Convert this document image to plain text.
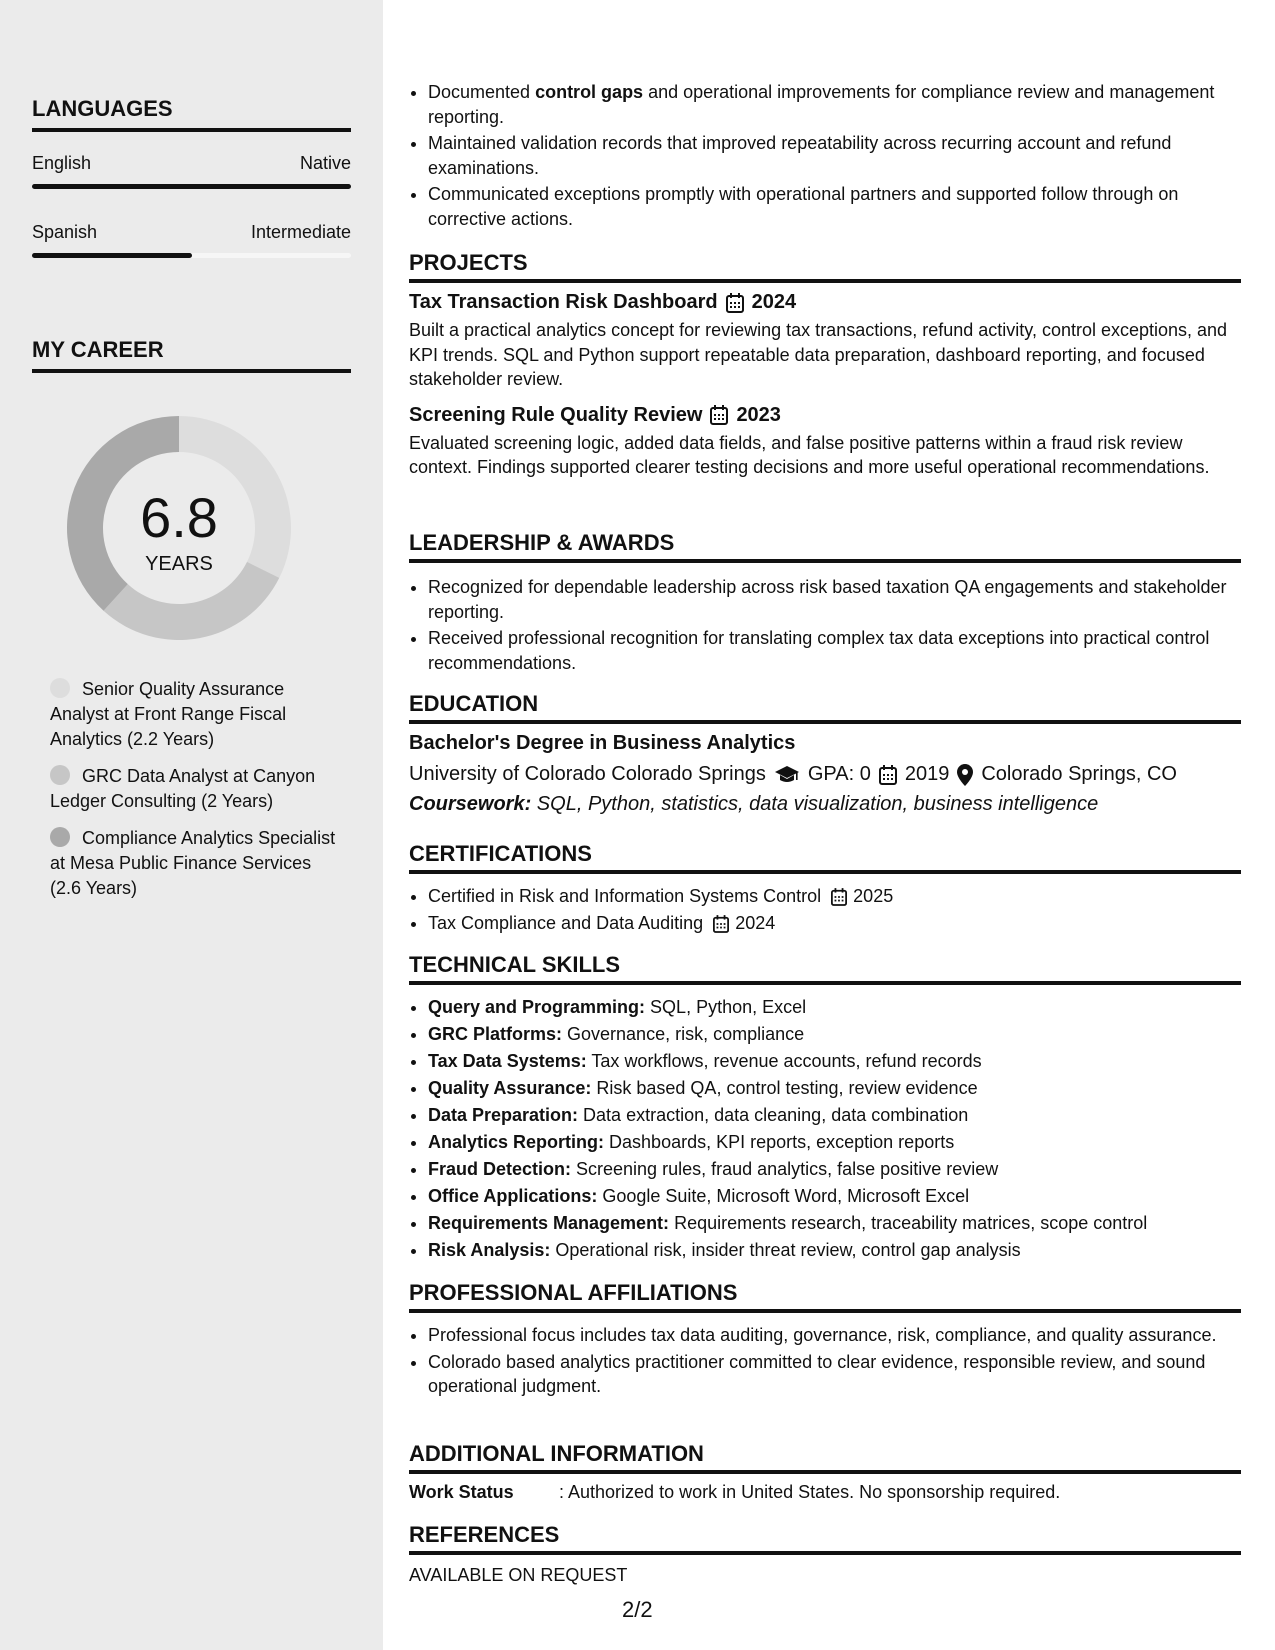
LANGUAGES
English	Native
Spanish	Intermediate
MY CAREER
6.8
YEARS
Senior Quality Assurance Analyst at Front Range Fiscal Analytics (2.2 Years)
GRC Data Analyst at Canyon Ledger Consulting (2 Years)
Compliance Analytics Specialist at Mesa Public Finance Services (2.6 Years)
• Documented control gaps and operational improvements for compliance review and management reporting.
• Maintained validation records that improved repeatability across recurring account and refund examinations.
• Communicated exceptions promptly with operational partners and supported follow through on corrective actions.
PROJECTS
Tax Transaction Risk Dashboard 2024
Built a practical analytics concept for reviewing tax transactions, refund activity, control exceptions, and KPI trends. SQL and Python support repeatable data preparation, dashboard reporting, and focused stakeholder review.
Screening Rule Quality Review 2023
Evaluated screening logic, added data fields, and false positive patterns within a fraud risk review context. Findings supported clearer testing decisions and more useful operational recommendations.
LEADERSHIP & AWARDS
• Recognized for dependable leadership across risk based taxation QA engagements and stakeholder reporting.
• Received professional recognition for translating complex tax data exceptions into practical control recommendations.
EDUCATION
Bachelor's Degree in Business Analytics
University of Colorado Colorado Springs GPA: 0 2019 Colorado Springs, CO
Coursework: SQL, Python, statistics, data visualization, business intelligence
CERTIFICATIONS
• Certified in Risk and Information Systems Control 2025
• Tax Compliance and Data Auditing 2024
TECHNICAL SKILLS
• Query and Programming: SQL, Python, Excel
• GRC Platforms: Governance, risk, compliance
• Tax Data Systems: Tax workflows, revenue accounts, refund records
• Quality Assurance: Risk based QA, control testing, review evidence
• Data Preparation: Data extraction, data cleaning, data combination
• Analytics Reporting: Dashboards, KPI reports, exception reports
• Fraud Detection: Screening rules, fraud analytics, false positive review
• Office Applications: Google Suite, Microsoft Word, Microsoft Excel
• Requirements Management: Requirements research, traceability matrices, scope control
• Risk Analysis: Operational risk, insider threat review, control gap analysis
PROFESSIONAL AFFILIATIONS
• Professional focus includes tax data auditing, governance, risk, compliance, and quality assurance.
• Colorado based analytics practitioner committed to clear evidence, responsible review, and sound operational judgment.
ADDITIONAL INFORMATION
Work Status	: Authorized to work in United States. No sponsorship required.
REFERENCES
AVAILABLE ON REQUEST
2/2
